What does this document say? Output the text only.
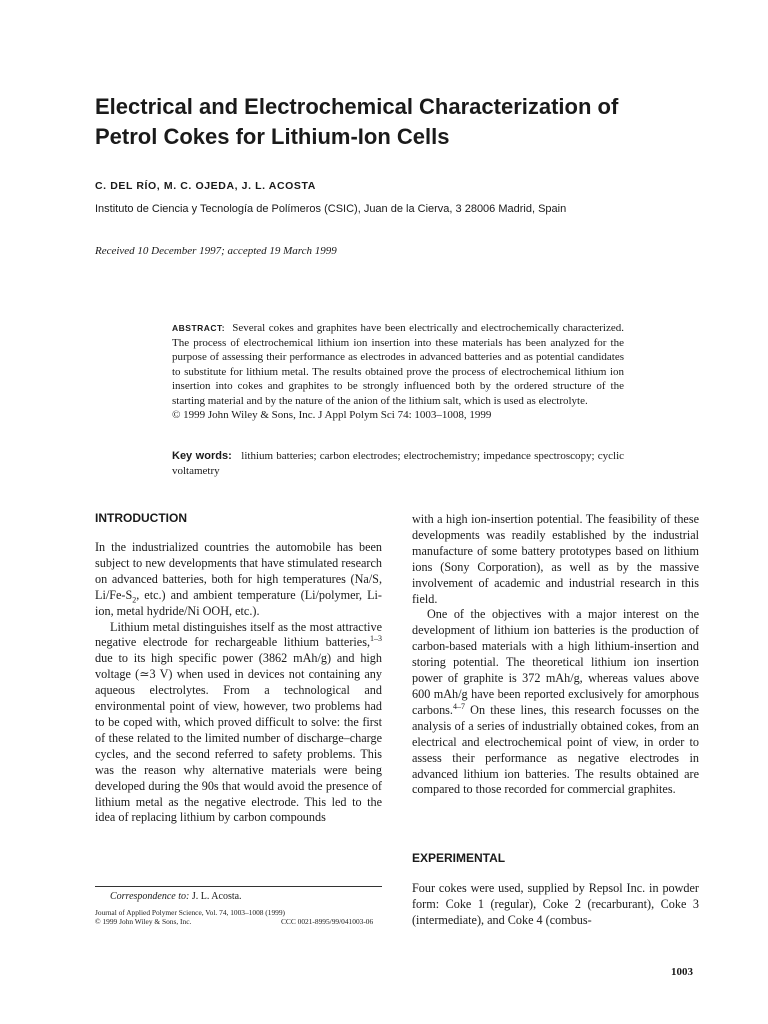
Electrical and Electrochemical Characterization of
Petrol Cokes for Lithium-Ion Cells
C. DEL RÍO, M. C. OJEDA, J. L. ACOSTA
Instituto de Ciencia y Tecnología de Polímeros (CSIC), Juan de la Cierva, 3 28006 Madrid, Spain
Received 10 December 1997; accepted 19 March 1999
ABSTRACT: Several cokes and graphites have been electrically and electrochemically characterized. The process of electrochemical lithium ion insertion into these materials has been analyzed for the purpose of assessing their performance as electrodes in advanced batteries and as potential candidates to substitute for lithium metal. The results obtained prove the process of electrochemical lithium ion insertion into cokes and graphites to be strongly influenced both by the ordered structure of the starting material and by the nature of the anion of the lithium salt, which is used as electrolyte.
© 1999 John Wiley & Sons, Inc. J Appl Polym Sci 74: 1003–1008, 1999
Key words: lithium batteries; carbon electrodes; electrochemistry; impedance spectroscopy; cyclic voltametry
INTRODUCTION

In the industrialized countries the automobile has been subject to new developments that have stimulated research on advanced batteries, both for high temperatures (Na/S, $Li/Fe-S_2$, etc.) and ambient temperature (Li/polymer, Li-ion, metal hydride/Ni OOH, etc.).

Lithium metal distinguishes itself as the most attractive negative electrode for rechargeable lithium batteries,$^{1-3}$ due to its high specific power (3862 mAh/g) and high voltage (≃3 V) when used in devices not containing any aqueous electrolytes. From a technological and environmental point of view, however, two problems had to be coped with, which proved difficult to solve: the first of these related to the limited number of discharge–charge cycles, and the second referred to safety problems. This was the reason why alternative materials were being developed during the 90s that would avoid the presence of lithium metal as the negative electrode. This led to the idea of replacing lithium by carbon compounds

Correspondence to: J. L. Acosta.
Journal of Applied Polymer Science, Vol. 74, 1003–1008 (1999)
© 1999 John Wiley & Sons, Inc.	CCC 0021-8995/99/041003-06

with a high ion-insertion potential. The feasibility of these developments was readily established by the industrial manufacture of some battery prototypes based on lithium ions (Sony Corporation), as well as by the massive involvement of academic and industrial research in this field.

One of the objectives with a major interest on the development of lithium ion batteries is the production of carbon-based materials with a high lithium-insertion and storing potential. The theoretical lithium ion insertion power of graphite is 372 mAh/g, whereas values above 600 mAh/g have been reported exclusively for amorphous carbons.$^{4-7}$ On these lines, this research focusses on the analysis of a series of industrially obtained cokes, from an electrical and electrochemical point of view, in order to assess their performance as negative electrodes in advanced lithium ion batteries. The results obtained are compared to those recorded for commercial graphites.

EXPERIMENTAL

Four cokes were used, supplied by Repsol Inc. in powder form: Coke 1 (regular), Coke 2 (recarburant), Coke 3 (intermediate), and Coke 4 (combus-

1003
